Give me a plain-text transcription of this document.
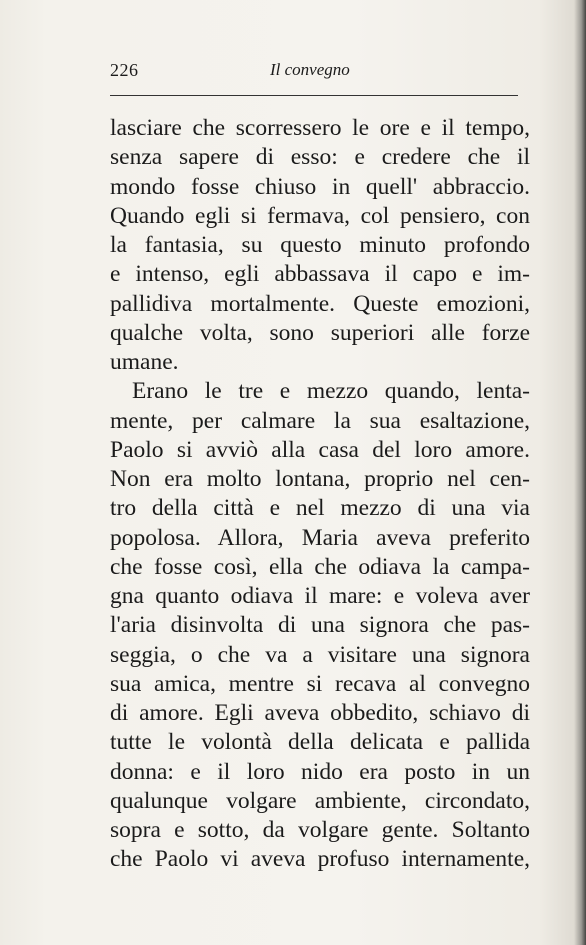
226	Il convegno
lasciare che scorressero le ore e il tempo,
senza sapere di esso: e credere che il
mondo fosse chiuso in quell' abbraccio.
Quando egli si fermava, col pensiero, con
la fantasia, su questo minuto profondo
e intenso, egli abbassava il capo e im-
pallidiva mortalmente. Queste emozioni,
qualche volta, sono superiori alle forze
umane.
Erano le tre e mezzo quando, lenta-
mente, per calmare la sua esaltazione,
Paolo si avviò alla casa del loro amore.
Non era molto lontana, proprio nel cen-
tro della città e nel mezzo di una via
popolosa. Allora, Maria aveva preferito
che fosse così, ella che odiava la campa-
gna quanto odiava il mare: e voleva aver
l'aria disinvolta di una signora che pas-
seggia, o che va a visitare una signora
sua amica, mentre si recava al convegno
di amore. Egli aveva obbedito, schiavo di
tutte le volontà della delicata e pallida
donna: e il loro nido era posto in un
qualunque volgare ambiente, circondato,
sopra e sotto, da volgare gente. Soltanto
che Paolo vi aveva profuso internamente,
